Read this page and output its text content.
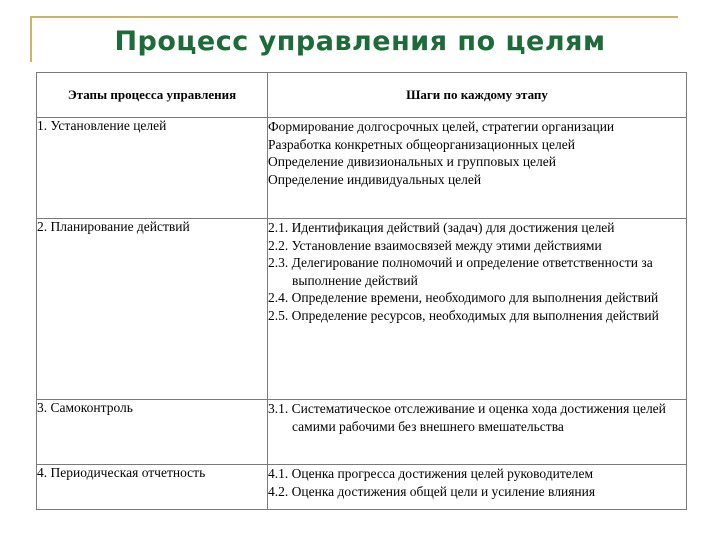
Процесс управления по целям
Этапы процесса управления	Шаги по каждому этапу
1. Установление целей	Формирование долгосрочных целей, стратегии организации

Разработка конкретных общеорганизационных целей

Определение дивизиональных и групповых целей

Определение индивидуальных целей

2. Планирование действий	2.1. Идентификация действий (задач) для достижения целей

2.2. Установление взаимосвязей между этими действиями

2.3. Делегирование полномочий и определение ответственности за выполнение действий

2.4. Определение времени, необходимого для выполнения действий

2.5. Определение ресурсов, необходимых для выполнения действий

3. Самоконтроль	3.1. Систематическое отслеживание и оценка хода достижения целей самими рабочими без внешнего вмешательства

4. Периодическая отчетность	4.1. Оценка прогресса достижения целей руководителем

4.2. Оценка достижения общей цели и усиление влияния
